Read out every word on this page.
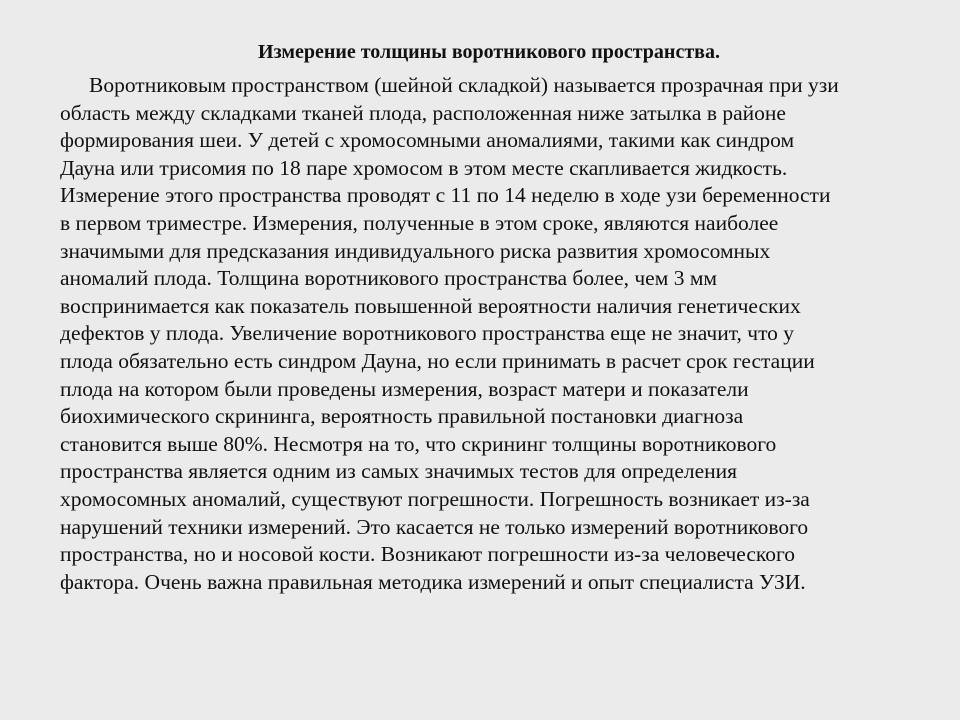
Измерение толщины воротникового пространства.
Воротниковым пространством (шейной складкой) называется прозрачная при узи
область между складками тканей плода, расположенная ниже затылка в районе
формирования шеи. У детей с хромосомными аномалиями, такими как синдром
Дауна или трисомия по 18 паре хромосом в этом месте скапливается жидкость.
Измерение этого пространства проводят с 11 по 14 неделю в ходе узи беременности
в первом триместре. Измерения, полученные в этом сроке, являются наиболее
значимыми для предсказания индивидуального риска развития хромосомных
аномалий плода. Толщина воротникового пространства более, чем 3 мм
воспринимается как показатель повышенной вероятности наличия генетических
дефектов у плода. Увеличение воротникового пространства еще не значит, что у
плода обязательно есть синдром Дауна, но если принимать в расчет срок гестации
плода на котором были проведены измерения, возраст матери и показатели
биохимического скрининга, вероятность правильной постановки диагноза
становится выше 80%. Несмотря на то, что скрининг толщины воротникового
пространства является одним из самых значимых тестов для определения
хромосомных аномалий, существуют погрешности. Погрешность возникает из-за
нарушений техники измерений. Это касается не только измерений воротникового
пространства, но и носовой кости. Возникают погрешности из-за человеческого
фактора. Очень важна правильная методика измерений и опыт специалиста УЗИ.
